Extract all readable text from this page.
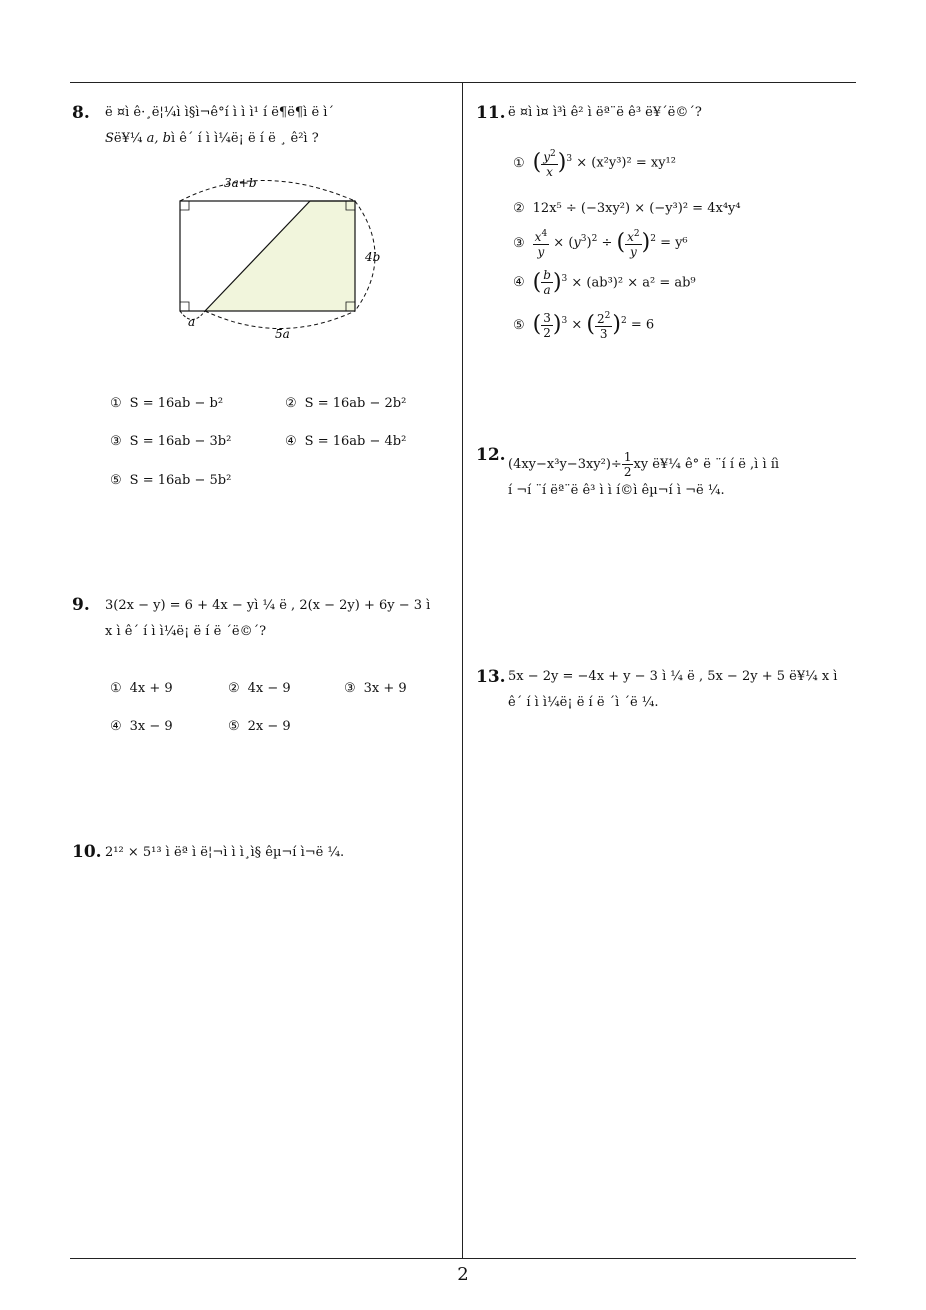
8. ë ¤ì ê·¸ë¦¼ì ì§ì¬ê°í ì ì ì¹ í ë¶ë¶ì ë ì´
Së¥¼ a, bì ê´ í ì ì¼ë¡ ë í ë ¸ ê²ì ?
3a+b
4b
5a
a
① S = 16ab − b²	② S = 16ab − 2b²
③ S = 16ab − 3b²	④ S = 16ab − 4b²
⑤ S = 16ab − 5b²
9. 3(2x − y) = 6 + 4x − yì ¼ ë , 2(x − 2y) + 6y − 3 ì
x ì ê´ í ì ì¼ë¡ ë í ë ´ë©´?
① 4x + 9	② 4x − 9	③ 3x + 9
④ 3x − 9	⑤ 2x − 9
10. 2¹² × 5¹³ ì ëª ì ë¦¬ì ì ì¸ì§ êµ¬í ì¬ë ¼.
11. ë ¤ì ì¤ ì³ì ê² ì ëª¨ë ê³ ë¥´ë©´?
① ( $\frac{y^2}{x} )^3 \times (x^2y^3)^2 = xy^{12}$
② 12x⁵ ÷ (−3xy²) × (−y³)² = 4x⁴y⁴
③ $\frac{x^4}{y} \times (y^3)^2$ ÷ ( $\frac{x^2}{y} )^2 = y^6$
④ ( $\frac{b}{a} )^3 \times (ab^3)^2 \times a^2 = ab^9$
⑤ ( $\frac{3}{2} )^3$ × ( $\frac{2^2}{3} )^2 = 6$
12. $(4xy-x^3y-3xy^2)\div \frac{1}{2}$ xy ë¥¼ ê° ë ¨í í ë ,ì ì íì
í ¬í ¨í ëª¨ë ê³ ì ì í©ì êµ¬í ì ¬ë ¼.
13. 5x − 2y = −4x + y − 3 ì ¼ ë , 5x − 2y + 5 ë¥¼ x ì
ê´ í ì ì¼ë¡ ë í ë ´ì ´ë ¼.
2
